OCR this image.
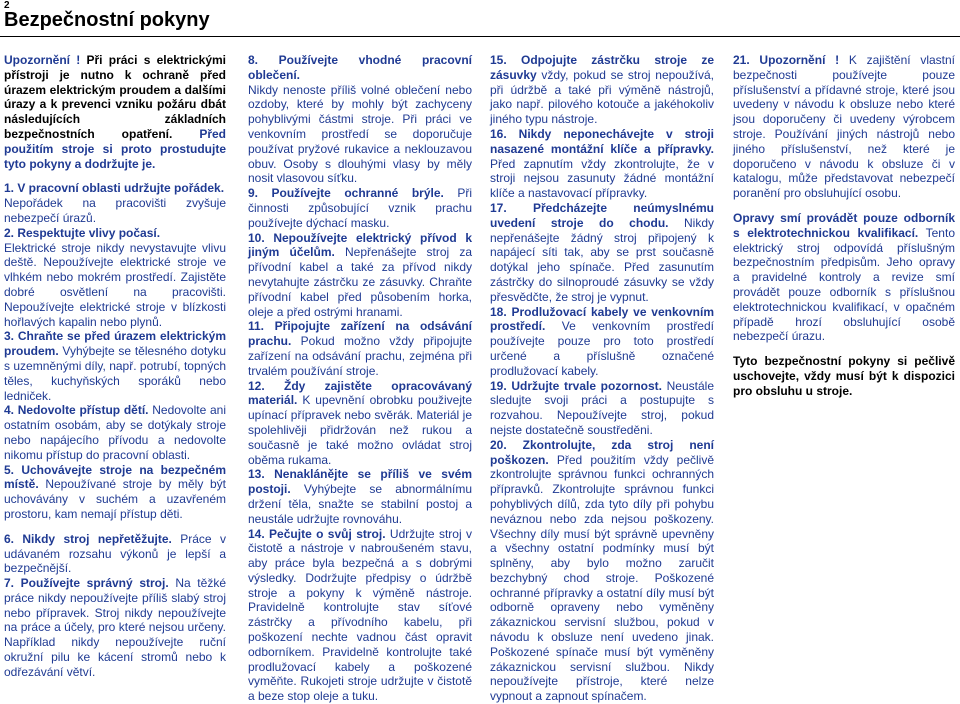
2
Bezpečnostní pokyny

Upozornění ! Při práci s elektrickými přístroji je nutno k ochraně před úrazem elektrickým proudem a dalšími úrazy a k prevenci vzniku požáru dbát následujících základních bezpečnostních opatření. Před použitím stroje si proto prostudujte tyto pokyny a dodržujte je.

1. V pracovní oblasti udržujte pořádek.
Nepořádek na pracovišti zvyšuje nebezpečí úrazů.

2. Respektujte vlivy počasí.
Elektrické stroje nikdy nevystavujte vlivu deště. Nepoužívejte elektrické stroje ve vlhkém nebo mokrém prostředí. Zajistěte dobré osvětlení na pracovišti. Nepoužívejte elektrické stroje v blízkosti hořlavých kapalin nebo plynů.

3. Chraňte se před úrazem elektrickým proudem. Vyhýbejte se tělesného dotyku s uzemněnými díly, např. potrubí, topných těles, kuchyňských sporáků nebo ledniček.

4. Nedovolte přístup dětí. Nedovolte ani ostatním osobám, aby se dotýkaly stroje nebo napájecího přívodu a nedovolte nikomu přístup do pracovní oblasti.

5. Uchovávejte stroje na bezpečném místě. Nepoužívané stroje by měly být uchovávány v suchém a uzavřeném prostoru, kam nemají přístup děti.

6. Nikdy stroj nepřetěžujte. Práce v udávaném rozsahu výkonů je lepší a bezpečnější.

7. Používejte správný stroj. Na těžké práce nikdy nepoužívejte příliš slabý stroj nebo přípravek. Stroj nikdy nepoužívejte na práce a účely, pro které nejsou určeny. Například nikdy nepoužívejte ruční okružní pilu ke kácení stromů nebo k odřezávání větví.

8. Používejte vhodné pracovní oblečení.
Nikdy nenoste příliš volné oblečení nebo ozdoby, které by mohly být zachyceny pohyblivými částmi stroje. Při práci ve venkovním prostředí se doporučuje používat pryžové rukavice a neklouzavou obuv. Osoby s dlouhými vlasy by měly nosit vlasovou síťku.

9. Používejte ochranné brýle. Při činnosti způsobující vznik prachu používejte dýchací masku.

10. Nepoužívejte elektrický přívod k jiným účelům. Nepřenášejte stroj za přívodní kabel a také za přívod nikdy nevytahujte zástrčku ze zásuvky. Chraňte přívodní kabel před působením horka, oleje a před ostrými hranami.

11. Připojujte zařízení na odsávání prachu. Pokud možno vždy připojujte zařízení na odsávání prachu, zejména při trvalém používání stroje.

12. Ždy zajistěte opracovávaný materiál. K upevnění obrobku použivejte upínací přípravek nebo svěrák. Materiál je spolehlivěji přidržován než rukou a současně je také možno ovládat stroj oběma rukama.

13. Nenaklánějte se příliš ve svém postoji. Vyhýbejte se abnormálnímu držení těla, snažte se stabilní postoj a neustále udržujte rovnováhu.

14. Pečujte o svůj stroj. Udržujte stroj v čistotě a nástroje v nabroušeném stavu, aby práce byla bezpečná a s dobrými výsledky. Dodržujte předpisy o údržbě stroje a pokyny k výměně nástroje. Pravidelně kontrolujte stav síťové zástrčky a přívodního kabelu, při poškození nechte vadnou část opravit odborníkem. Pravidelně kontrolujte také prodlužovací kabely a poškozené vyměňte. Rukojeti stroje udržujte v čistotě a beze stop oleje a tuku.

15. Odpojujte zástrčku stroje ze zásuvky vždy, pokud se stroj nepoužívá, při údržbě a také při výměně nástrojů, jako např. pilového kotouče a jakéhokoliv jiného typu nástroje.

16. Nikdy neponechávejte v stroji nasazené montážní klíče a přípravky. Před zapnutím vždy zkontrolujte, že v stroji nejsou zasunuty žádné montážní klíče a nastavovací přípravky.

17. Předcházejte neúmyslnému uvedení stroje do chodu. Nikdy nepřenášejte žádný stroj připojený k napájecí síti tak, aby se prst současně dotýkal jeho spínače. Před zasunutím zástrčky do silnoproudé zásuvky se vždy přesvědčte, že stroj je vypnut.

18. Prodlužovací kabely ve venkovním prostředí. Ve venkovním prostředí používejte pouze pro toto prostředí určené a příslušně označené prodlužovací kabely.

19. Udržujte trvale pozornost. Neustále sledujte svoji práci a postupujte s rozvahou. Nepoužívejte stroj, pokud nejste dostatečně soustředěni.

20. Zkontrolujte, zda stroj není poškozen. Před použitím vždy pečlivě zkontrolujte správnou funkci ochranných přípravků. Zkontrolujte správnou funkci pohyblivých dílů, zda tyto díly při pohybu neváznou nebo zda nejsou poškozeny. Všechny díly musí být správně upevněny a všechny ostatní podmínky musí být splněny, aby bylo možno zaručit bezchybný chod stroje. Poškozené ochranné přípravky a ostatní díly musí být odborně opraveny nebo vyměněny zákaznickou servisní službou, pokud v návodu k obsluze není uvedeno jinak. Poškozené spínače musí být vyměněny zákaznickou servisní službou. Nikdy nepoužívejte přístroje, které nelze vypnout a zapnout spínačem.

21. Upozornění ! K zajištění vlastní bezpečnosti používejte pouze příslušenství a přídavné stroje, které jsou uvedeny v návodu k obsluze nebo které jsou doporučeny či uvedeny výrobcem stroje. Používání jiných nástrojů nebo jiného příslušenství, než které je doporučeno v návodu k obsluze či v katalogu, může představovat nebezpečí poranění pro obsluhující osobu.

Opravy smí provádět pouze odborník s elektrotechnickou kvalifikací. Tento elektrický stroj odpovídá příslušným bezpečnostním předpisům. Jeho opravy a pravidelné kontroly a revize smí provádět pouze odborník s příslušnou elektrotechnickou kvalifikací, v opačném případě hrozí obsluhující osobě nebezpečí úrazu.

Tyto bezpečnostní pokyny si pečlivě uschovejte, vždy musí být k dispozici pro obsluhu u stroje.
